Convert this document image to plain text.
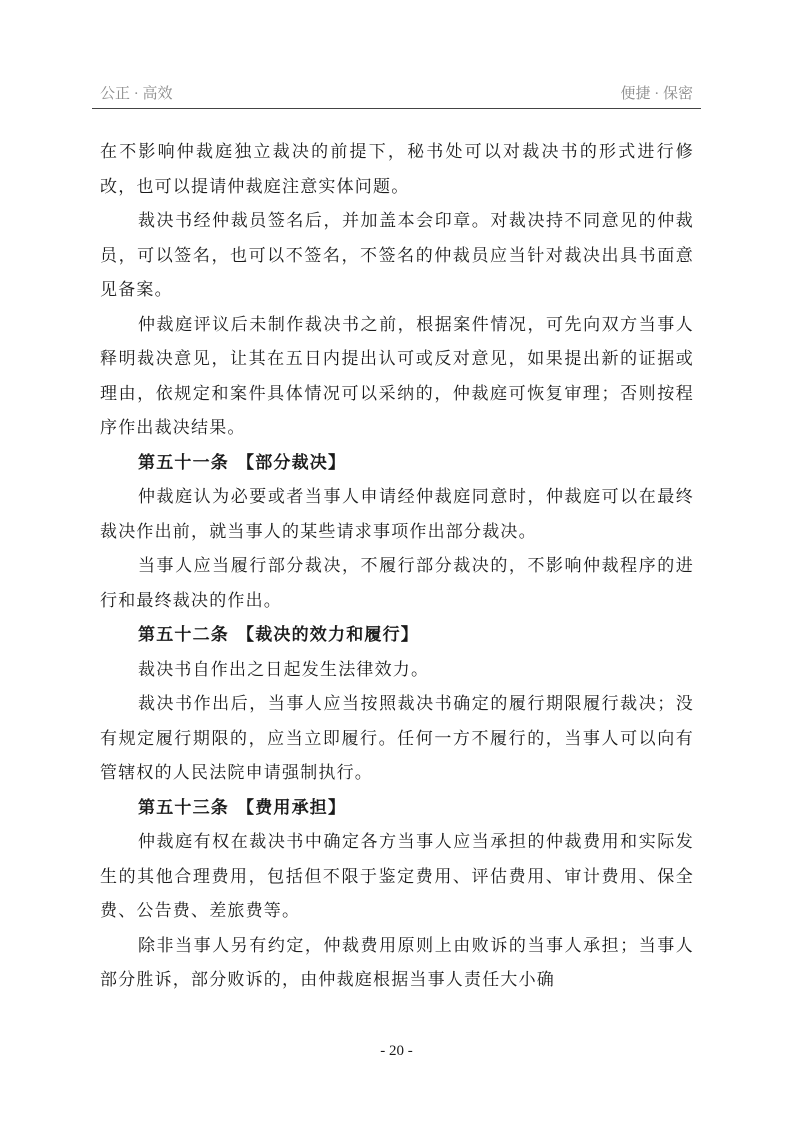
公正 · 高效	便捷 · 保密

在不影响仲裁庭独立裁决的前提下，秘书处可以对裁决书的形式进行修改，也可以提请仲裁庭注意实体问题。

裁决书经仲裁员签名后，并加盖本会印章。对裁决持不同意见的仲裁员，可以签名，也可以不签名，不签名的仲裁员应当针对裁决出具书面意见备案。

仲裁庭评议后未制作裁决书之前，根据案件情况，可先向双方当事人释明裁决意见，让其在五日内提出认可或反对意见，如果提出新的证据或理由，依规定和案件具体情况可以采纳的，仲裁庭可恢复审理；否则按程序作出裁决结果。

第五十一条 【部分裁决】

仲裁庭认为必要或者当事人申请经仲裁庭同意时，仲裁庭可以在最终裁决作出前，就当事人的某些请求事项作出部分裁决。

当事人应当履行部分裁决，不履行部分裁决的，不影响仲裁程序的进行和最终裁决的作出。

第五十二条 【裁决的效力和履行】

裁决书自作出之日起发生法律效力。

裁决书作出后，当事人应当按照裁决书确定的履行期限履行裁决；没有规定履行期限的，应当立即履行。任何一方不履行的，当事人可以向有管辖权的人民法院申请强制执行。

第五十三条 【费用承担】

仲裁庭有权在裁决书中确定各方当事人应当承担的仲裁费用和实际发生的其他合理费用，包括但不限于鉴定费用、评估费用、审计费用、保全费、公告费、差旅费等。

除非当事人另有约定，仲裁费用原则上由败诉的当事人承担；当事人部分胜诉，部分败诉的，由仲裁庭根据当事人责任大小确

- 20 -
